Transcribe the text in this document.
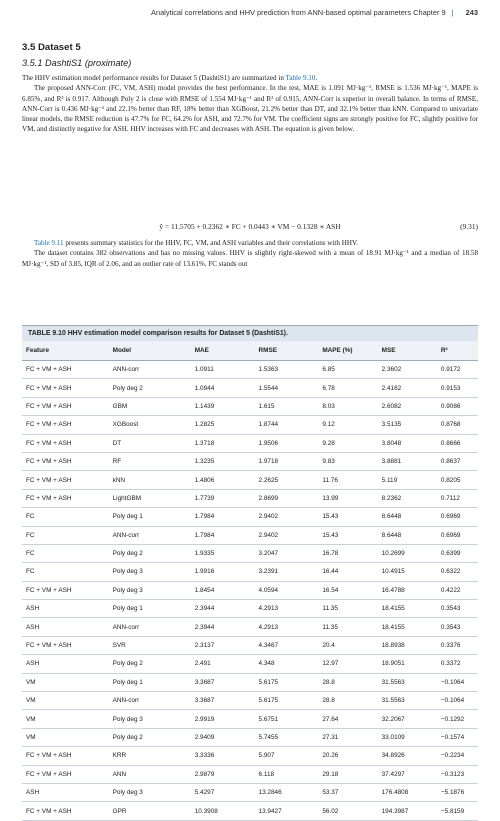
Analytical correlations and HHV prediction from ANN-based optimal parameters Chapter 9 | 243
3.5 Dataset 5
3.5.1 DashtiS1 (proximate)

The HHV estimation model performance results for Dataset 5 (DashtiS1) are summarized in Table 9.10.

The proposed ANN-Corr (FC, VM, ASH) model provides the best performance. In the test, MAE is 1.091 MJ·kg⁻¹, RMSE is 1.536 MJ·kg⁻¹, MAPE is 6.85%, and R² is 0.917. Although Poly 2 is close with RMSE of 1.554 MJ·kg⁻¹ and R² of 0.915, ANN-Corr is superior in overall balance. In terms of RMSE, ANN-Corr is 0.436 MJ·kg⁻¹ and 22.1% better than RF, 18% better than XGBoost, 21.2% better than DT, and 32.1% better than kNN. Compared to univariate linear models, the RMSE reduction is 47.7% for FC, 64.2% for ASH, and 72.7% for VM. The coefficient signs are strongly positive for FC, slightly positive for VM, and distinctly negative for ASH. HHV increases with FC and decreases with ASH. The equation is given below.

ŷ = 11.5705 + 0.2362 ∗ FC + 0.0443 ∗ VM − 0.1328 ∗ ASH	(9.31)

Table 9.11 presents summary statistics for the HHV, FC, VM, and ASH variables and their correlations with HHV.

The dataset contains 382 observations and has no missing values. HHV is slightly right-skewed with a mean of 18.91 MJ·kg⁻¹ and a median of 18.58 MJ·kg⁻¹, SD of 3.85, IQR of 2.06, and an outlier rate of 13.61%. FC stands out

TABLE 9.10 HHV estimation model comparison results for Dataset 5 (DashtiS1).
Feature	Model	MAE	RMSE	MAPE (%)	MSE	R²
FC + VM + ASH	ANN-corr	1.0911	1.5363	6.85	2.3602	0.9172
FC + VM + ASH	Poly deg 2	1.0944	1.5544	6.78	2.4162	0.9153
FC + VM + ASH	GBM	1.1439	1.615	8.03	2.6082	0.9086
FC + VM + ASH	XGBoost	1.2825	1.8744	9.12	3.5135	0.8768
FC + VM + ASH	DT	1.3718	1.9506	9.28	3.8048	0.8666
FC + VM + ASH	RF	1.3235	1.9718	9.83	3.8881	0.8637
FC + VM + ASH	kNN	1.4806	2.2625	11.76	5.119	0.8205
FC + VM + ASH	LightGBM	1.7739	2.8699	13.99	8.2362	0.7112
FC	Poly deg 1	1.7984	2.9402	15.43	8.6448	0.6969
FC	ANN-corr	1.7984	2.9402	15.43	8.6448	0.6969
FC	Poly deg 2	1.9335	3.2047	16.78	10.2699	0.6399
FC	Poly deg 3	1.9916	3.2391	16.44	10.4915	0.6322
FC + VM + ASH	Poly deg 3	1.8454	4.0594	16.54	16.4788	0.4222
ASH	Poly deg 1	2.3944	4.2913	11.35	18.4155	0.3543
ASH	ANN-corr	2.3944	4.2913	11.35	18.4155	0.3543
FC + VM + ASH	SVR	2.3137	4.3467	20.4	18.8938	0.3376
ASH	Poly deg 2	2.491	4.348	12.97	18.9051	0.3372
VM	Poly deg 1	3.3687	5.6175	28.8	31.5563	−0.1064
VM	ANN-corr	3.3687	5.6175	28.8	31.5563	−0.1064
VM	Poly deg 3	2.9919	5.6751	27.64	32.2067	−0.1292
VM	Poly deg 2	2.9409	5.7455	27.31	33.0109	−0.1574
FC + VM + ASH	KRR	3.3336	5.907	20.26	34.8926	−0.2234
FC + VM + ASH	ANN	2.9879	6.118	29.18	37.4297	−0.3123
ASH	Poly deg 3	5.4297	13.2846	53.37	176.4808	−5.1876
FC + VM + ASH	GPR	10.3908	13.9427	56.02	194.3987	−5.8159
